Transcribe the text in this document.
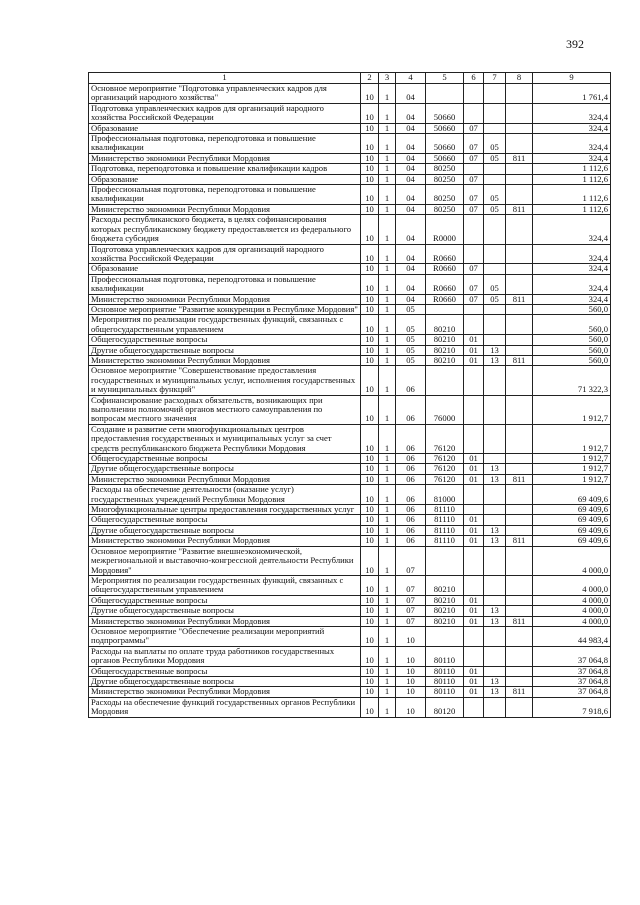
392
1	2	3	4	5	6	7	8	9
Основное мероприятие "Подготовка управленческих кадров для организаций народного хозяйства"	10	1	04					1 761,4
Подготовка управленческих кадров для организаций народного хозяйства Российской Федерации	10	1	04	50660				324,4
Образование	10	1	04	50660	07			324,4
Профессиональная подготовка, переподготовка и повышение квалификации	10	1	04	50660	07	05		324,4
Министерство экономики Республики Мордовия	10	1	04	50660	07	05	811	324,4
Подготовка, переподготовка и повышение квалификации кадров	10	1	04	80250				1 112,6
Образование	10	1	04	80250	07			1 112,6
Профессиональная подготовка, переподготовка и повышение квалификации	10	1	04	80250	07	05		1 112,6
Министерство экономики Республики Мордовия	10	1	04	80250	07	05	811	1 112,6
Расходы республиканского бюджета, в целях софинансирования которых республиканскому бюджету предоставляется из федерального бюджета субсидия	10	1	04	R0000				324,4
Подготовка управленческих кадров для организаций народного хозяйства Российской Федерации	10	1	04	R0660				324,4
Образование	10	1	04	R0660	07			324,4
Профессиональная подготовка, переподготовка и повышение квалификации	10	1	04	R0660	07	05		324,4
Министерство экономики Республики Мордовия	10	1	04	R0660	07	05	811	324,4
Основное мероприятие "Развитие конкуренции в Республике Мордовия"	10	1	05					560,0
Мероприятия по реализации государственных функций, связанных с общегосударственным управлением	10	1	05	80210				560,0
Общегосударственные вопросы	10	1	05	80210	01			560,0
Другие общегосударственные вопросы	10	1	05	80210	01	13		560,0
Министерство экономики Республики Мордовия	10	1	05	80210	01	13	811	560,0
Основное мероприятие "Совершенствование предоставления государственных и муниципальных услуг, исполнения государственных и муниципальных функций"	10	1	06					71 322,3
Софинансирование расходных обязательств, возникающих при выполнении полномочий органов местного самоуправления по вопросам местного значения	10	1	06	76000				1 912,7
Создание и развитие сети многофункциональных центров предоставления государственных и муниципальных услуг за счет средств республиканского бюджета Республики Мордовия	10	1	06	76120				1 912,7
Общегосударственные вопросы	10	1	06	76120	01			1 912,7
Другие общегосударственные вопросы	10	1	06	76120	01	13		1 912,7
Министерство экономики Республики Мордовия	10	1	06	76120	01	13	811	1 912,7
Расходы на обеспечение деятельности (оказание услуг) государственных учреждений Республики Мордовия	10	1	06	81000				69 409,6
Многофункциональные центры предоставления государственных услуг	10	1	06	81110				69 409,6
Общегосударственные вопросы	10	1	06	81110	01			69 409,6
Другие общегосударственные вопросы	10	1	06	81110	01	13		69 409,6
Министерство экономики Республики Мордовия	10	1	06	81110	01	13	811	69 409,6
Основное мероприятие "Развитие внешнеэкономической, межрегиональной и выставочно-конгрессной деятельности Республики Мордовия"	10	1	07					4 000,0
Мероприятия по реализации государственных функций, связанных с общегосударственным управлением	10	1	07	80210				4 000,0
Общегосударственные вопросы	10	1	07	80210	01			4 000,0
Другие общегосударственные вопросы	10	1	07	80210	01	13		4 000,0
Министерство экономики Республики Мордовия	10	1	07	80210	01	13	811	4 000,0
Основное мероприятие "Обеспечение реализации мероприятий подпрограммы"	10	1	10					44 983,4
Расходы на выплаты по оплате труда работников государственных органов Республики Мордовия	10	1	10	80110				37 064,8
Общегосударственные вопросы	10	1	10	80110	01			37 064,8
Другие общегосударственные вопросы	10	1	10	80110	01	13		37 064,8
Министерство экономики Республики Мордовия	10	1	10	80110	01	13	811	37 064,8
Расходы на обеспечение функций государственных органов Республики Мордовия	10	1	10	80120				7 918,6
